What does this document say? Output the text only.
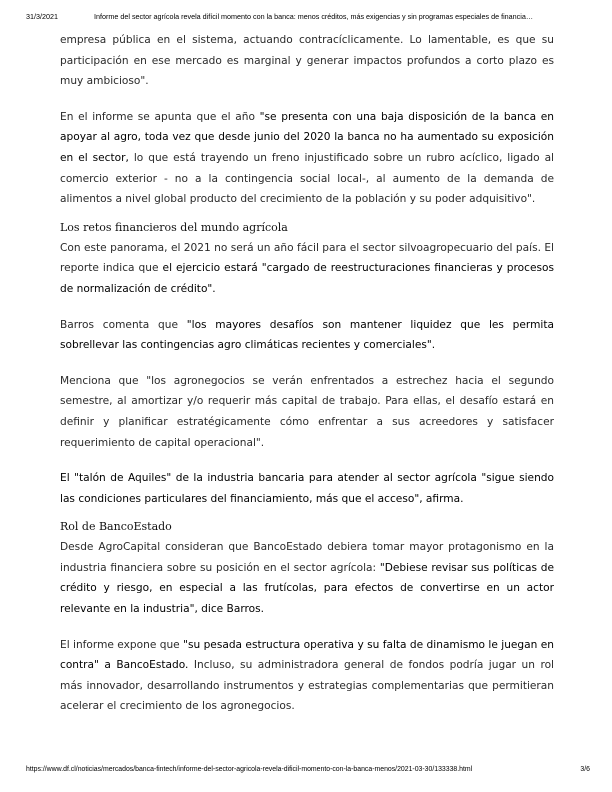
31/3/2021	Informe del sector agrícola revela difícil momento con la banca: menos créditos, más exigencias y sin programas especiales de financia…

empresa pública en el sistema, actuando contracíclicamente. Lo lamentable, es que su participación en ese mercado es marginal y generar impactos profundos a corto plazo es muy ambicioso".

En el informe se apunta que el año "se presenta con una baja disposición de la banca en apoyar al agro, toda vez que desde junio del 2020 la banca no ha aumentado su exposición en el sector, lo que está trayendo un freno injustificado sobre un rubro acíclico, ligado al comercio exterior - no a la contingencia social local-, al aumento de la demanda de alimentos a nivel global producto del crecimiento de la población y su poder adquisitivo".

Los retos financieros del mundo agrícola

Con este panorama, el 2021 no será un año fácil para el sector silvoagropecuario del país. El reporte indica que el ejercicio estará "cargado de reestructuraciones financieras y procesos de normalización de crédito".

Barros comenta que "los mayores desafíos son mantener liquidez que les permita sobrellevar las contingencias agro climáticas recientes y comerciales".

Menciona que "los agronegocios se verán enfrentados a estrechez hacia el segundo semestre, al amortizar y/o requerir más capital de trabajo. Para ellas, el desafío estará en definir y planificar estratégicamente cómo enfrentar a sus acreedores y satisfacer requerimiento de capital operacional".

El "talón de Aquiles" de la industria bancaria para atender al sector agrícola "sigue siendo las condiciones particulares del financiamiento, más que el acceso", afirma.

Rol de BancoEstado

Desde AgroCapital consideran que BancoEstado debiera tomar mayor protagonismo en la industria financiera sobre su posición en el sector agrícola: "Debiese revisar sus políticas de crédito y riesgo, en especial a las frutícolas, para efectos de convertirse en un actor relevante en la industria", dice Barros.

El informe expone que "su pesada estructura operativa y su falta de dinamismo le juegan en contra" a BancoEstado. Incluso, su administradora general de fondos podría jugar un rol más innovador, desarrollando instrumentos y estrategias complementarias que permitieran acelerar el crecimiento de los agronegocios.

https://www.df.cl/noticias/mercados/banca-fintech/informe-del-sector-agricola-revela-dificil-momento-con-la-banca-menos/2021-03-30/133338.html	3/6
